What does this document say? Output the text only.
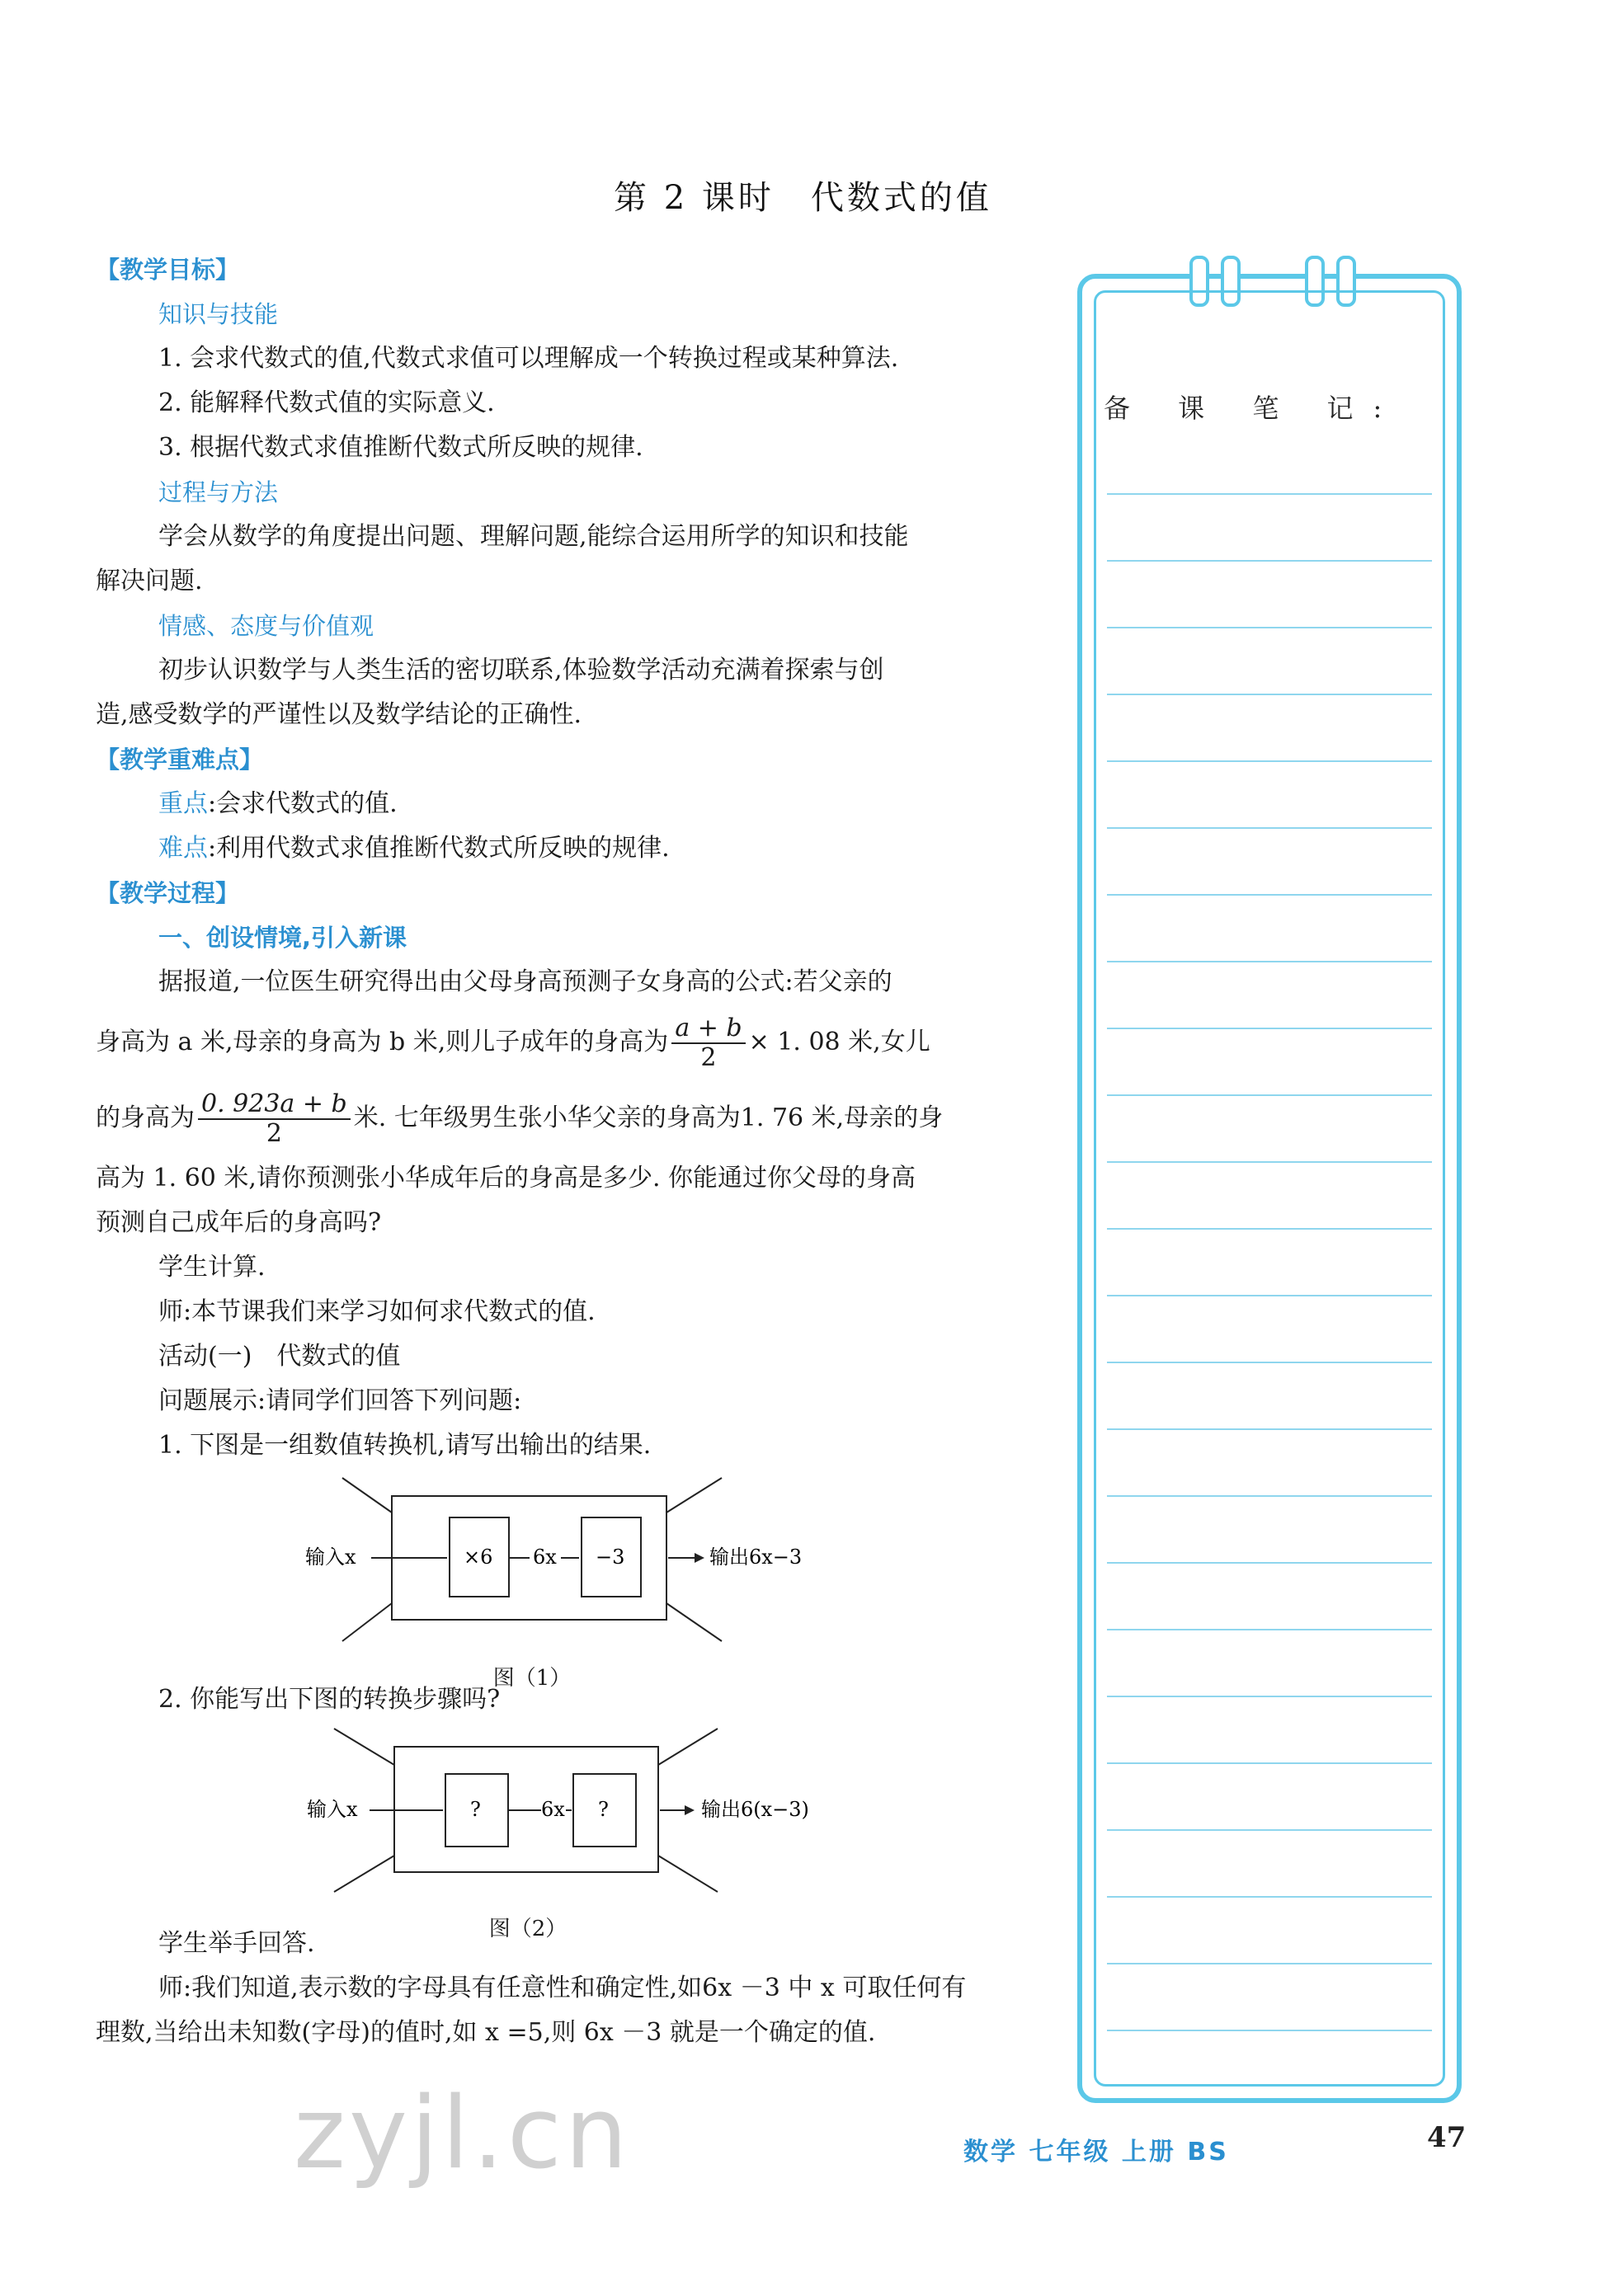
第 2 课时　代数式的值
【教学目标】
知识与技能
1. 会求代数式的值,代数式求值可以理解成一个转换过程或某种算法.
2. 能解释代数式值的实际意义.
3. 根据代数式求值推断代数式所反映的规律.
过程与方法
学会从数学的角度提出问题、理解问题,能综合运用所学的知识和技能
解决问题.
情感、态度与价值观
初步认识数学与人类生活的密切联系,体验数学活动充满着探索与创
造,感受数学的严谨性以及数学结论的正确性.
【教学重难点】
重点:会求代数式的值.
难点:利用代数式求值推断代数式所反映的规律.
【教学过程】
一、创设情境,引入新课
据报道,一位医生研究得出由父母身高预测子女身高的公式:若父亲的
身高为 a 米,母亲的身高为 b 米,则儿子成年的身高为 $\frac{a + b}{2} \times 1$. 08 米,女儿
的身高为 $\frac{0. 923a + b}{2}$ 米. 七年级男生张小华父亲的身高为1. 76 米,母亲的身
高为 1. 60 米,请你预测张小华成年后的身高是多少. 你能通过你父母的身高
预测自己成年后的身高吗?
学生计算.
师:本节课我们来学习如何求代数式的值.
活动(一)　代数式的值
问题展示:请同学们回答下列问题:
1. 下图是一组数值转换机,请写出输出的结果.
输入x	×6 6x −3	输出6x−3
图（1）
2. 你能写出下图的转换步骤吗?
输入x	?	6x ?	输出6(x−3)
图（2）
学生举手回答.
师:我们知道,表示数的字母具有任意性和确定性,如6x －3 中 x 可取任何有
理数,当给出未知数(字母)的值时,如 x =5,则 6x －3 就是一个确定的值.
备 课 笔 记:
zyjl.cn	数学 七年级 上册 BS	47
